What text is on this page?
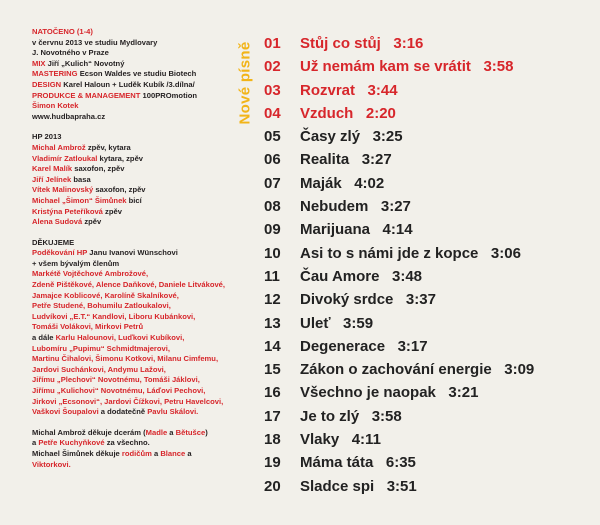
NATOČENO (1-4)

v červnu 2013 ve studiu Mydlovary

J. Novotného v Praze

MIX Jiří „Kulich“ Novotný

MASTERING Ecson Waldes ve studiu Biotech

DESIGN Karel Haloun + Luděk Kubík /3.dílna/

PRODUKCE & MANAGEMENT 100PROmotion

Šimon Kotek

www.hudbapraha.cz

HP 2013

Michal Ambrož zpěv, kytara

Vladimír Zatloukal kytara, zpěv

Karel Malík saxofon, zpěv

Jiří Jelínek basa

Vítek Malinovský saxofon, zpěv

Michael „Šimon“ Šimůnek bicí

Kristýna Peteříková zpěv

Alena Sudová zpěv

DĚKUJEME

Poděkování HP Janu Ivanovi Wünschovi

+ všem bývalým členům

Markétě Vojtěchové Ambrožové,

Zdeně Pištěkové, Alence Daňkové, Daniele Litvákové,

Jamajce Koblicové, Karolíně Skalníkové,

Petře Studené, Bohumilu Zatloukalovi,

Ludvíkovi „E.T.“ Kandlovi, Liboru Kubánkovi,

Tomáši Volákovi, Mirkovi Petrů

a dále Karlu Halounovi, Luďkovi Kubíkovi,

Lubomíru „Pupimu“ Schmidtmajerovi,

Martinu Čihalovi, Šimonu Kotkovi, Milanu Cimfemu,

Jardovi Suchánkovi, Andymu Lažovi,

Jiřímu „Plechovi“ Novotnému, Tomáši Jáklovi,

Jiřímu „Kulichovi“ Novotnému, Láďovi Pechovi,

Jirkovi „Ecsonovi“, Jardovi Čížkovi, Petru Havelcovi,

Vaškovi Šoupalovi a dodatečně Pavlu Skálovi.

Michal Ambrož děkuje dcerám (Madle a Bětušce)

a Petře Kuchyňkové za všechno.

Michael Šimůnek děkuje rodičům a Blance a

Viktorkovi.

Nové písně 01 Stůj co stůj 3:16
02 Už nemám kam se vrátit 3:58
03 Rozvrat 3:44
04 Vzduch 2:20
05 Časy zlý 3:25
06 Realita 3:27
07 Maják 4:02
08 Nebudem 3:27
09 Marijuana 4:14
10 Asi to s námi jde z kopce 3:06
11 Čau Amore 3:48
12 Divoký srdce 3:37
13 Uleť 3:59
14 Degenerace 3:17
15 Zákon o zachování energie 3:09
16 Všechno je naopak 3:21
17 Je to zlý 3:58
18 Vlaky 4:11
19 Máma táta 6:35
20 Sladce spi 3:51
